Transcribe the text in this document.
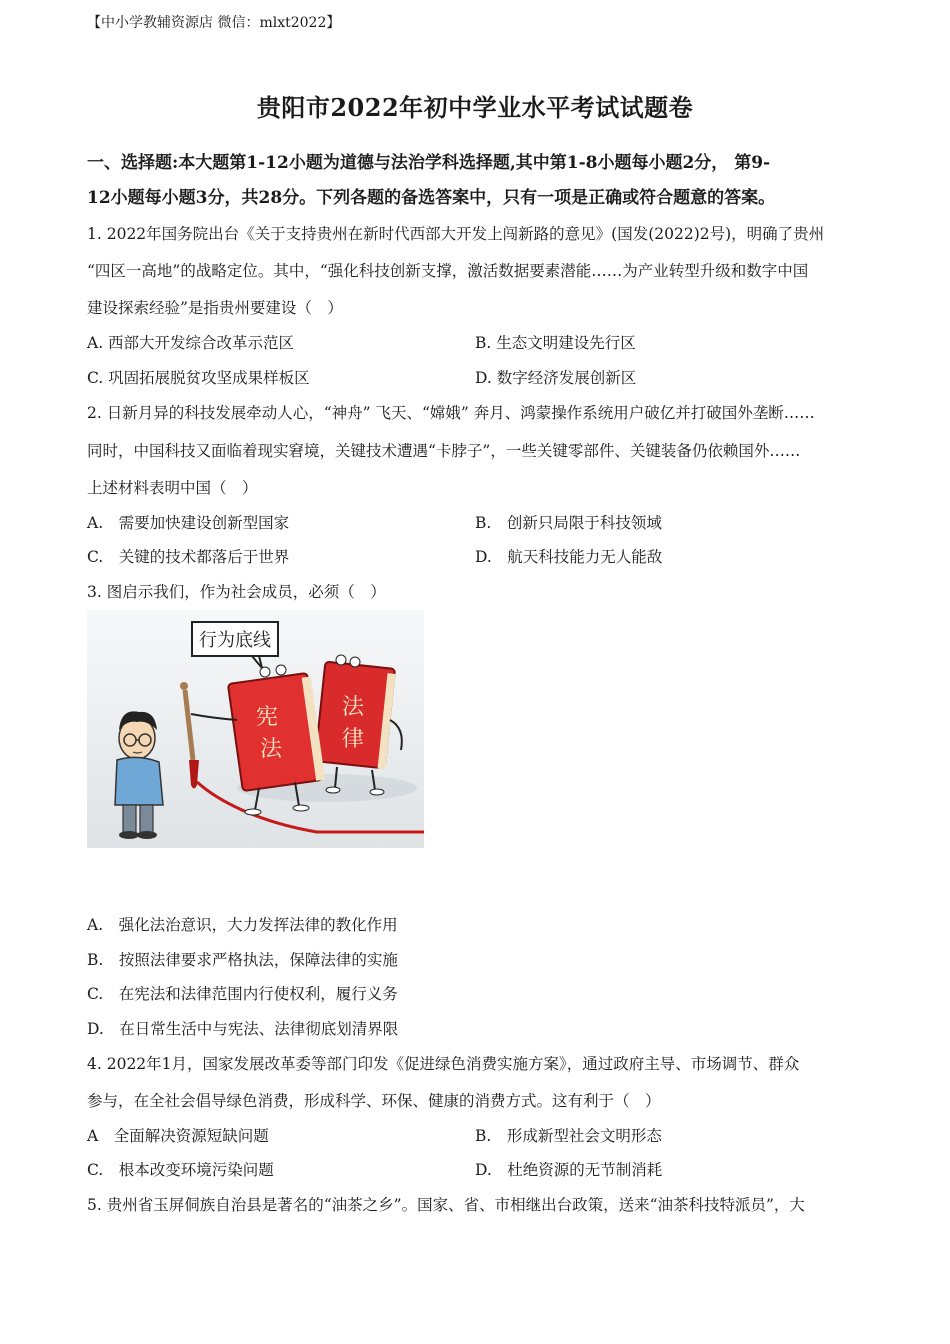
【中小学教辅资源店 微信：mlxt2022】
贵阳市2022年初中学业水平考试试题卷
一、选择题:本大题第1-12小题为道德与法治学科选择题,其中第1-8小题每小题2分， 第9-
12小题每小题3分，共28分。下列各题的备选答案中，只有一项是正确或符合题意的答案。
1. 2022年国务院出台《关于支持贵州在新时代西部大开发上闯新路的意见》(国发(2022)2号)，明确了贵州
“四区一高地”的战略定位。其中，“强化科技创新支撑，激活数据要素潜能……为产业转型升级和数字中国
建设探索经验”是指贵州要建设（　）
A. 西部大开发综合改革示范区	B. 生态文明建设先行区
C. 巩固拓展脱贫攻坚成果样板区	D. 数字经济发展创新区
2. 日新月异的科技发展牵动人心，“神舟” 飞天、“嫦娥” 奔月、鸿蒙操作系统用户破亿并打破国外垄断……
同时，中国科技又面临着现实窘境，关键技术遭遇“卡脖子”，一些关键零部件、关键装备仍依赖国外……
上述材料表明中国（　）
A.　需要加快建设创新型国家	B.　创新只局限于科技领域
C.　关键的技术都落后于世界	D.　航天科技能力无人能敌
3. 图启示我们，作为社会成员，必须（　）
行为底线
法
律
宪
法
A.　强化法治意识，大力发挥法律的教化作用
B.　按照法律要求严格执法，保障法律的实施
C.　在宪法和法律范围内行使权利，履行义务
D.　在日常生活中与宪法、法律彻底划清界限
4. 2022年1月，国家发展改革委等部门印发《促进绿色消费实施方案》，通过政府主导、市场调节、群众
参与，在全社会倡导绿色消费，形成科学、环保、健康的消费方式。这有利于（　）
A　全面解决资源短缺问题	B.　形成新型社会文明形态
C.　根本改变环境污染问题	D.　杜绝资源的无节制消耗
5. 贵州省玉屏侗族自治县是著名的“油茶之乡”。国家、省、市相继出台政策，送来“油茶科技特派员”，大
